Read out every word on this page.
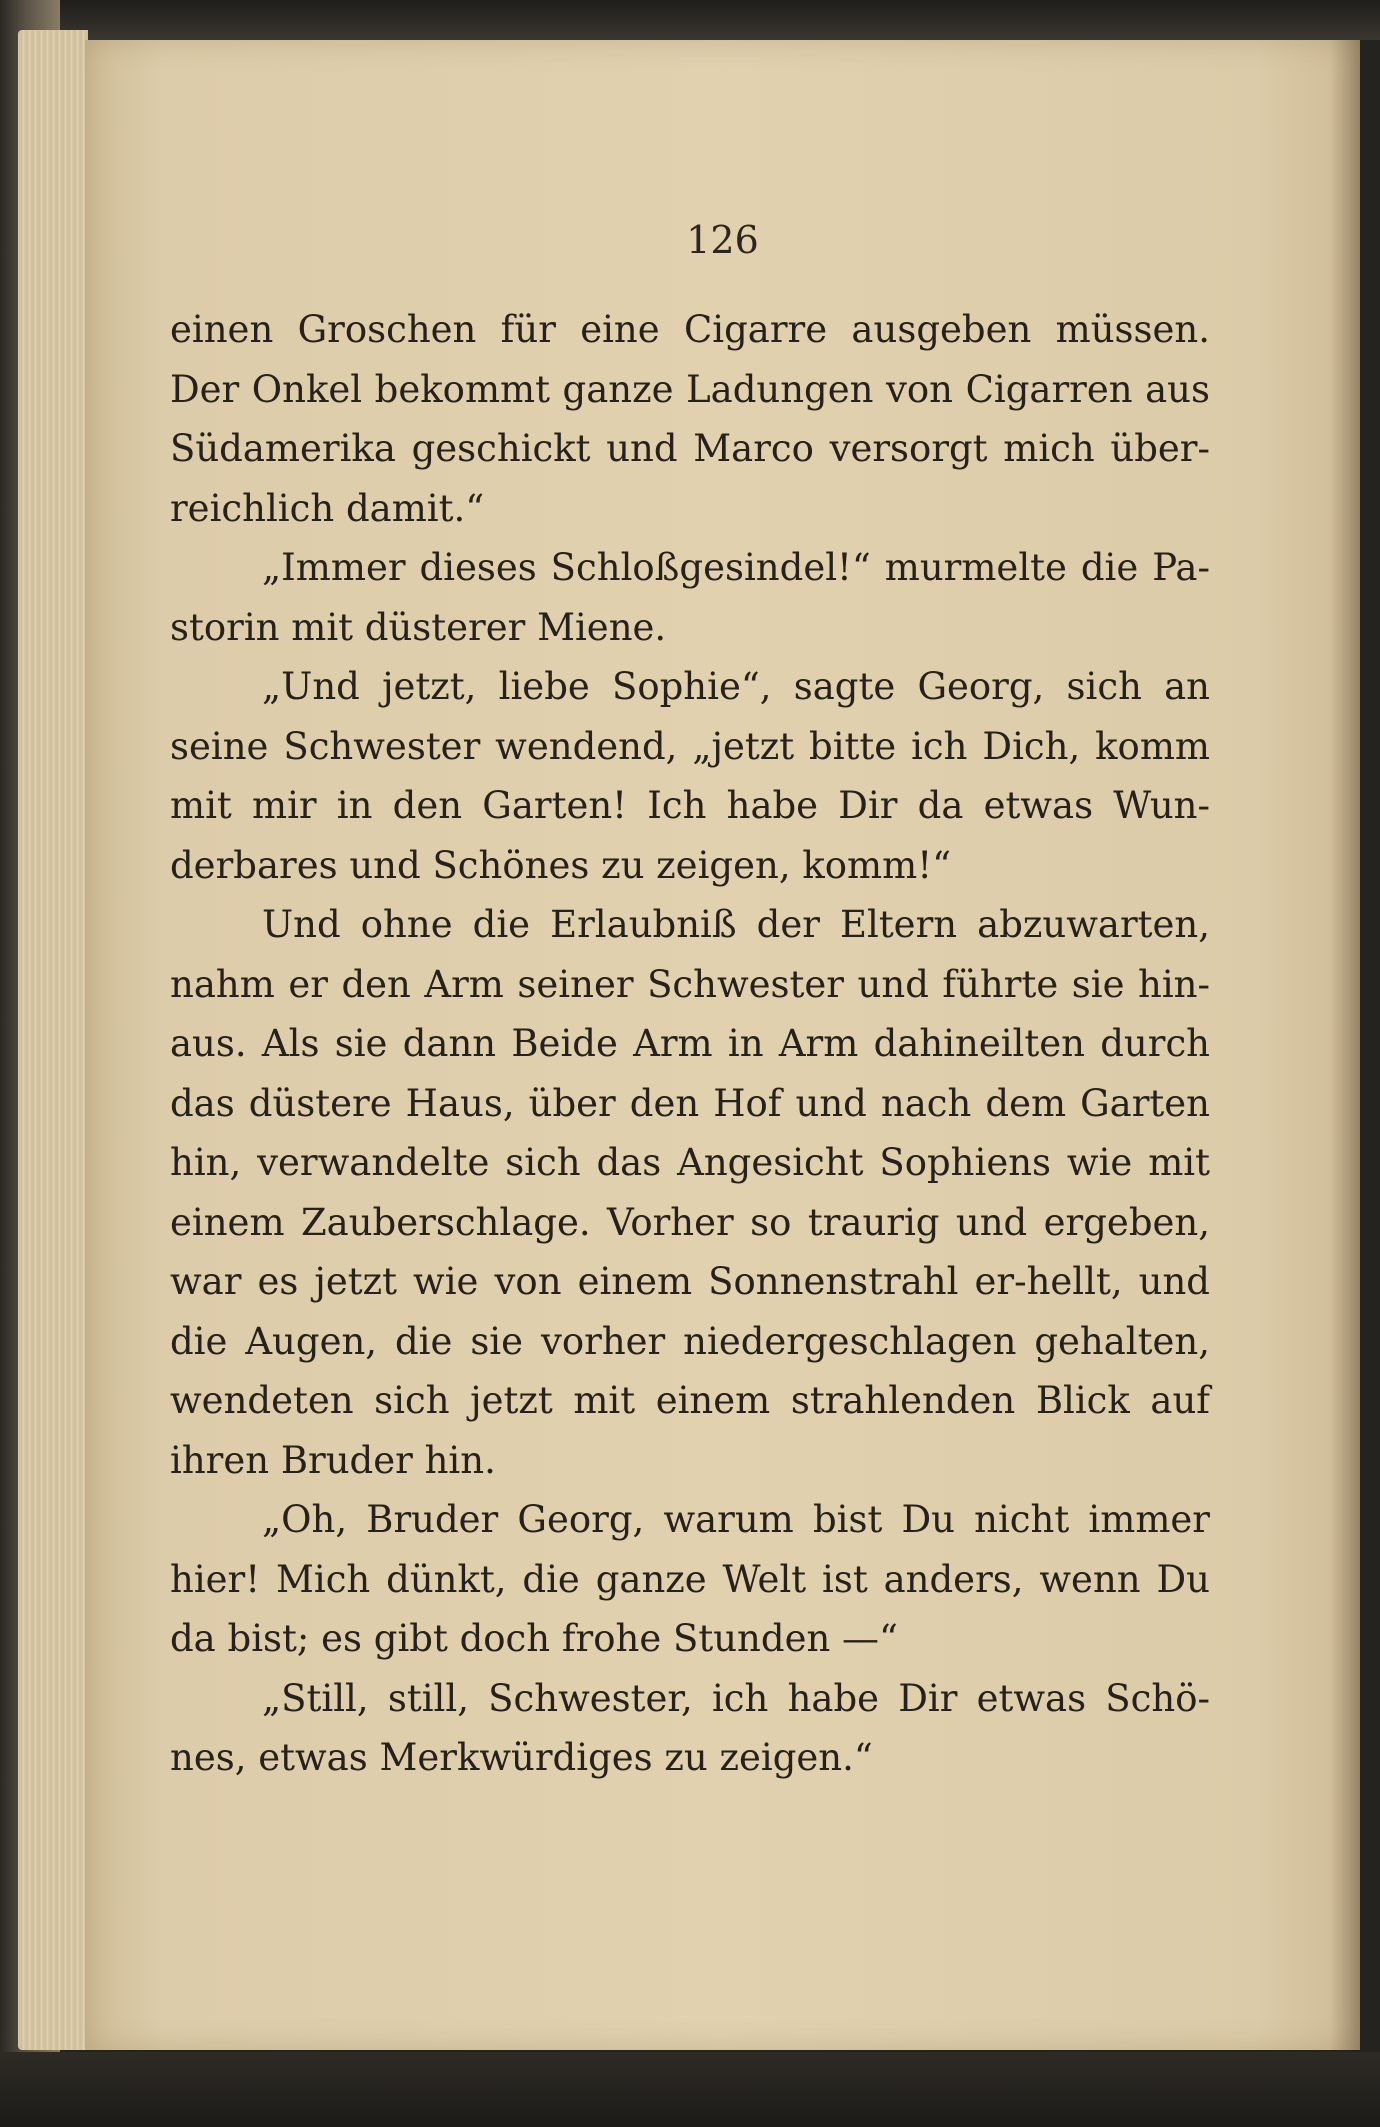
126

einen Groschen für eine Cigarre ausgeben müssen. Der Onkel bekommt ganze Ladungen von Cigarren aus Südamerika geschickt und Marco versorgt mich über-reichlich damit.“

„Immer dieses Schloßgesindel!“ murmelte die Pa-storin mit düsterer Miene.

„Und jetzt, liebe Sophie“, sagte Georg, sich an seine Schwester wendend, „jetzt bitte ich Dich, komm mit mir in den Garten! Ich habe Dir da etwas Wun-derbares und Schönes zu zeigen, komm!“

Und ohne die Erlaubniß der Eltern abzuwarten, nahm er den Arm seiner Schwester und führte sie hin-aus. Als sie dann Beide Arm in Arm dahineilten durch das düstere Haus, über den Hof und nach dem Garten hin, verwandelte sich das Angesicht Sophiens wie mit einem Zauberschlage. Vorher so traurig und ergeben, war es jetzt wie von einem Sonnenstrahl er-hellt, und die Augen, die sie vorher niedergeschlagen gehalten, wendeten sich jetzt mit einem strahlenden Blick auf ihren Bruder hin.

„Oh, Bruder Georg, warum bist Du nicht immer hier! Mich dünkt, die ganze Welt ist anders, wenn Du da bist; es gibt doch frohe Stunden —“

„Still, still, Schwester, ich habe Dir etwas Schö-nes, etwas Merkwürdiges zu zeigen.“
